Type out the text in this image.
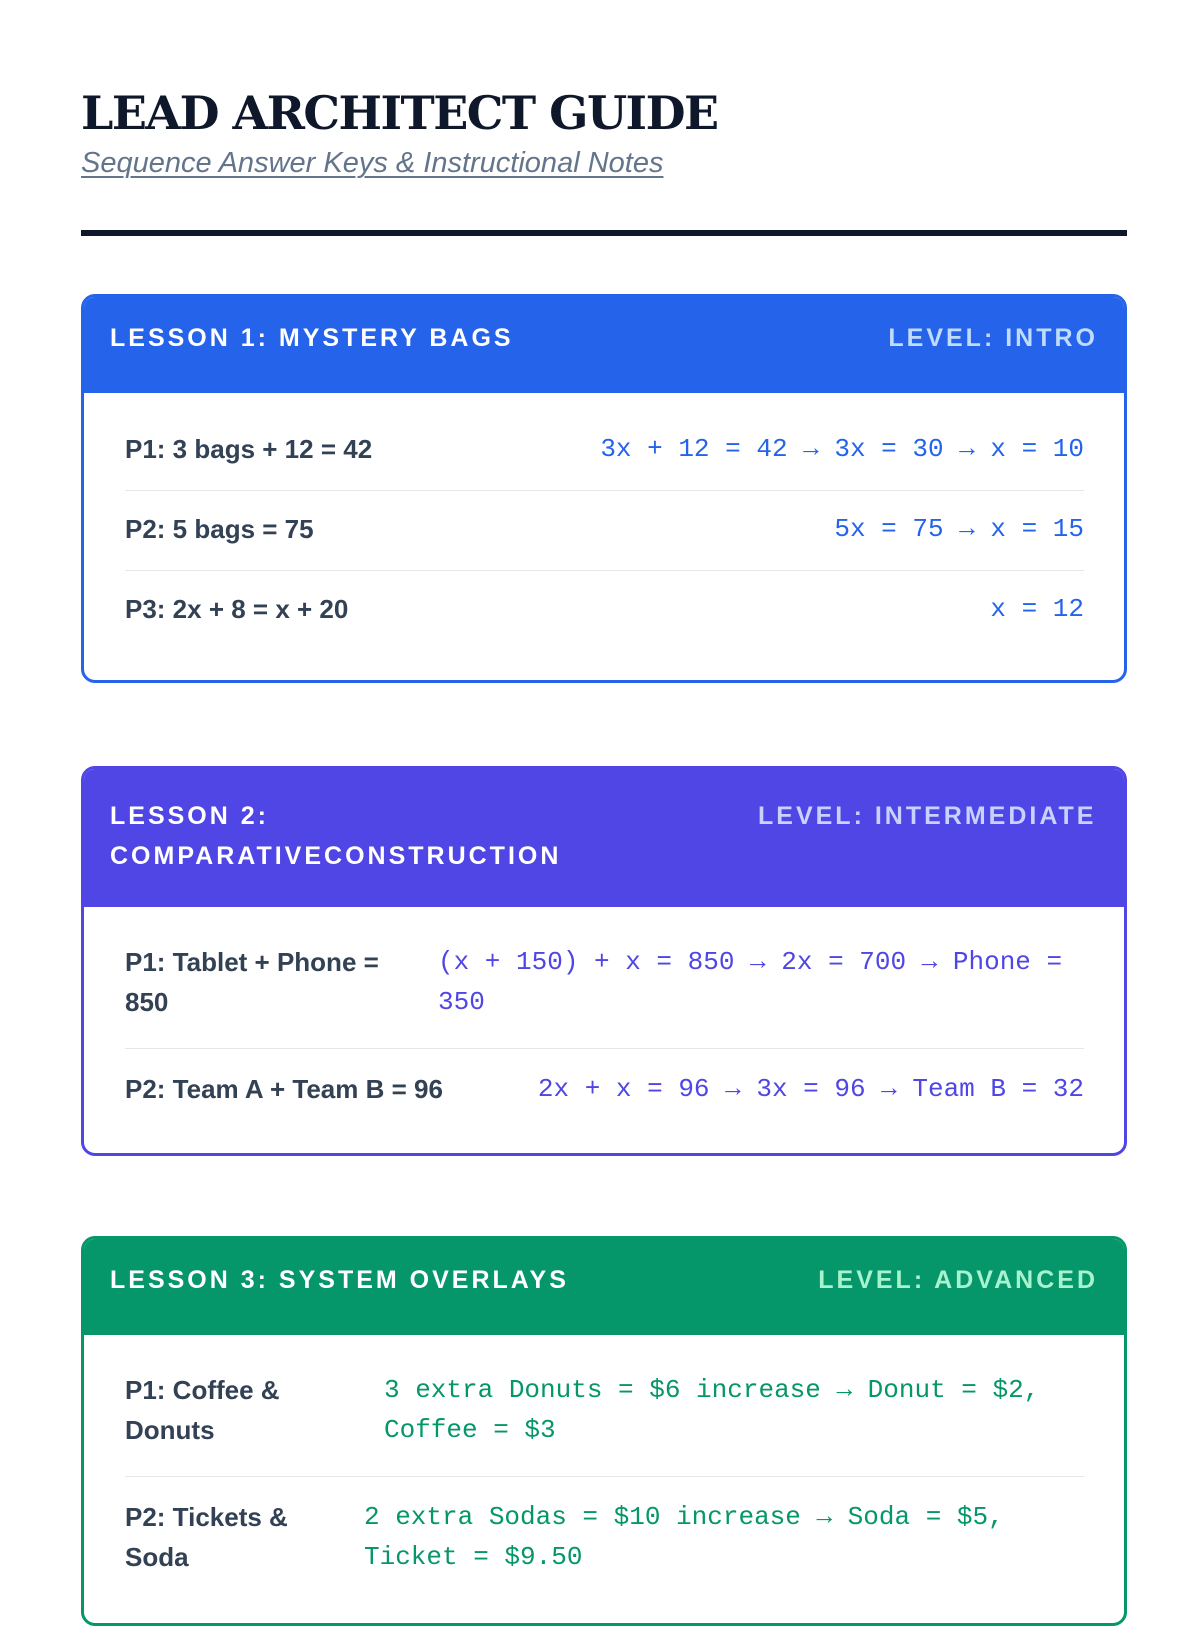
LEAD ARCHITECT GUIDE
Sequence Answer Keys & Instructional Notes
LESSON 1: MYSTERY BAGS	LEVEL: INTRO
P1: 3 bags + 12 = 42	3x + 12 = 42 → 3x = 30 → x = 10
P2: 5 bags = 75	5x = 75 → x = 15
P3: 2x + 8 = x + 20	x = 12
LESSON 2: COMPARATIVECONSTRUCTION
LEVEL: INTERMEDIATE
P1: Tablet + Phone = 850
(x + 150) + x = 850 → 2x = 700 → Phone = 350
P2: Team A + Team B = 96	2x + x = 96 → 3x = 96 → Team B = 32
LESSON 3: SYSTEM OVERLAYS	LEVEL: ADVANCED
P1: Coffee & Donuts
3 extra Donuts = $6 increase → Donut = $2, Coffee = $3
P2: Tickets & Soda
2 extra Sodas = $10 increase → Soda = $5, Ticket = $9.50
